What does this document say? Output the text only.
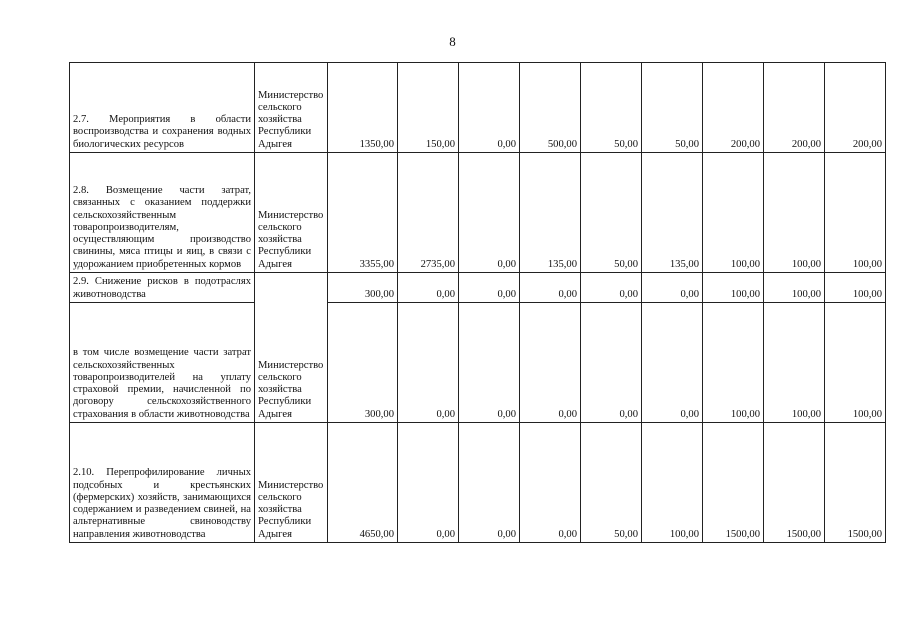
8
2.7. Мероприятия в области воспроизводства и сохранения водных биологических ресурсов	Министерство сельского хозяйства Республики Адыгея	1350,00	150,00	0,00	500,00	50,00	50,00	200,00	200,00	200,00
2.8. Возмещение части затрат, связанных с оказанием поддержки сельскохозяйственным товаропроизводителям, осуществляющим производство свинины, мяса птицы и яиц, в связи с удорожанием приобретенных кормов	Министерство сельского хозяйства Республики Адыгея	3355,00	2735,00	0,00	135,00	50,00	135,00	100,00	100,00	100,00
2.9. Снижение рисков в подотраслях животноводства	Министерство сельского хозяйства Республики Адыгея	300,00	0,00	0,00	0,00	0,00	0,00	100,00	100,00	100,00
в том числе возмещение части затрат сельскохозяйственных товаропроизводителей на уплату страховой премии, начисленной по договору сельскохозяйственного страхования в области животноводства		300,00	0,00	0,00	0,00	0,00	0,00	100,00	100,00	100,00
2.10. Перепрофилирование личных подсобных и крестьянских (фермерских) хозяйств, занимающихся содержанием и разведением свиней, на альтернативные свиноводству направления животноводства	Министерство сельского хозяйства Республики Адыгея	4650,00	0,00	0,00	0,00	50,00	100,00	1500,00	1500,00	1500,00
